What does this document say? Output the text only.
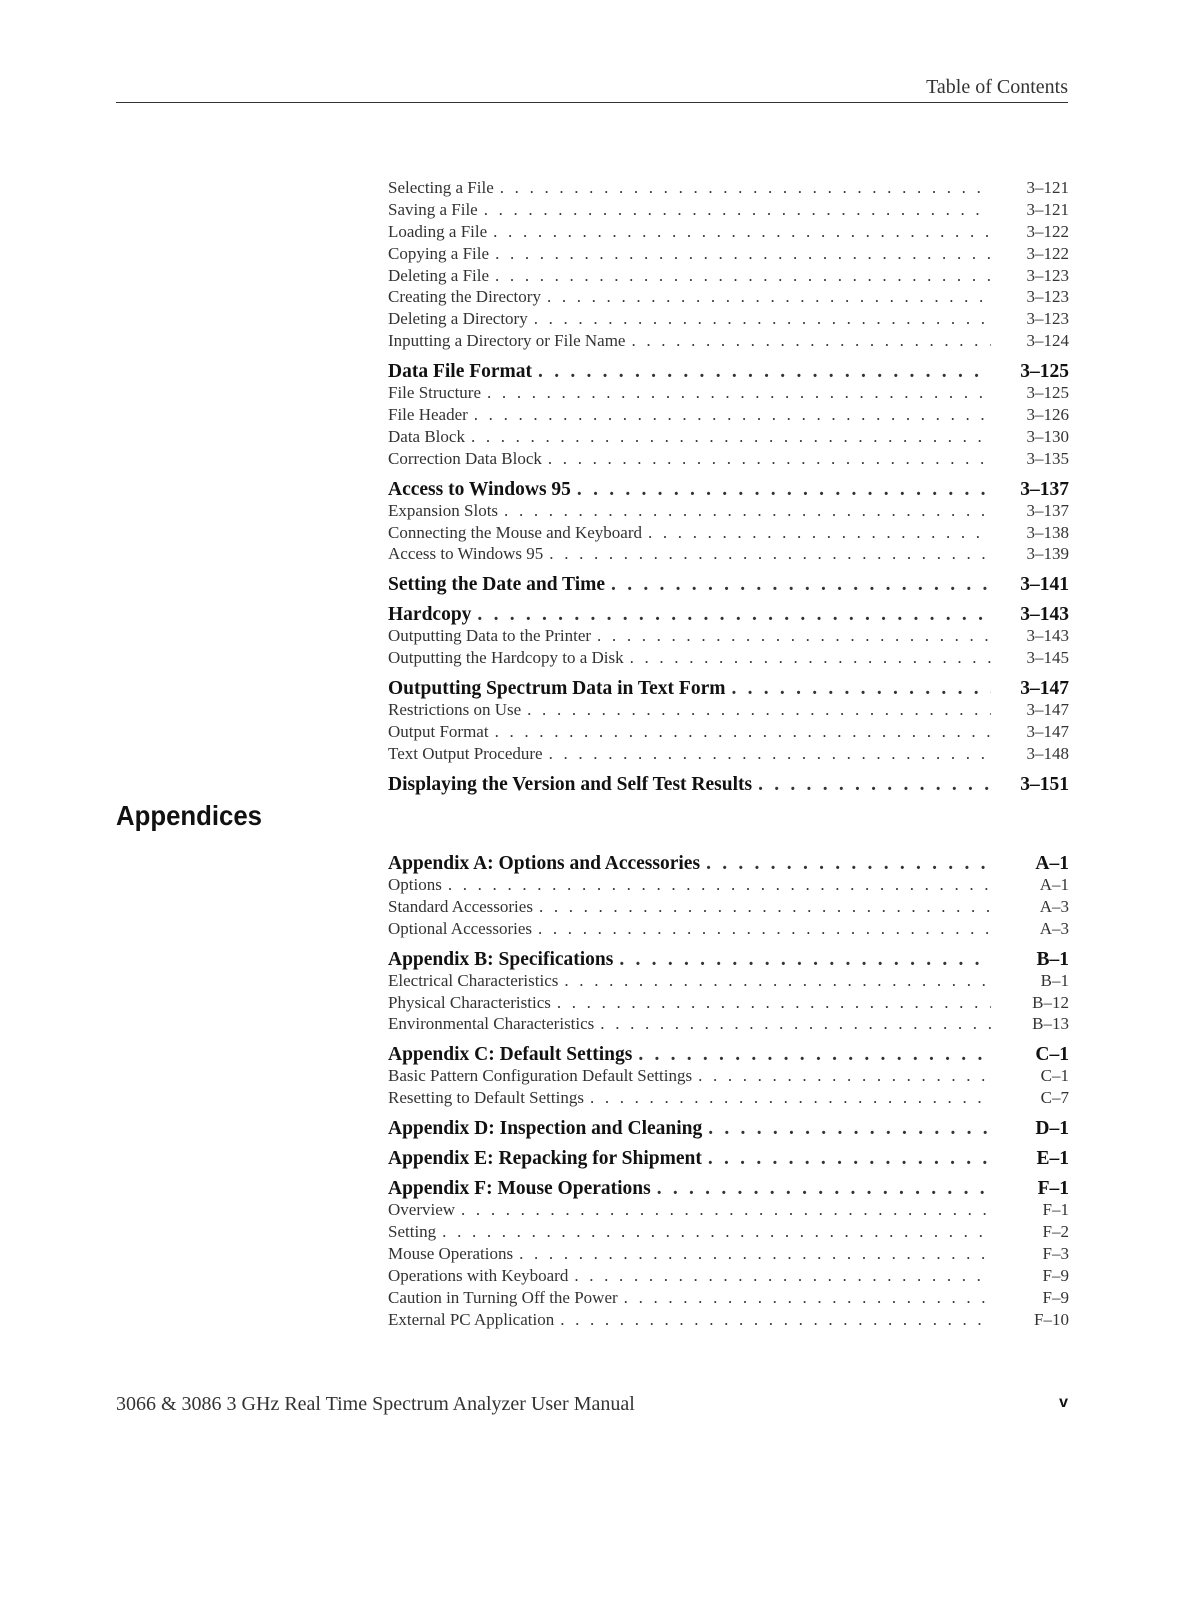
Table of Contents
Selecting a File . . .	3–121
Saving a File . . .	3–121
Loading a File . . .	3–122
Copying a File . . .	3–122
Deleting a File . . .	3–123
Creating the Directory . . .	3–123
Deleting a Directory . . .	3–123
Inputting a Directory or File Name . . .	3–124
Data File Format . . .	3–125
File Structure . . .	3–125
File Header . . .	3–126
Data Block . . .	3–130
Correction Data Block . . .	3–135
Access to Windows 95 . . .	3–137
Expansion Slots . . .	3–137
Connecting the Mouse and Keyboard . . .	3–138
Access to Windows 95 . . .	3–139
Setting the Date and Time . . .	3–141
Hardcopy . . .	3–143
Outputting Data to the Printer . . .	3–143
Outputting the Hardcopy to a Disk . . .	3–145
Outputting Spectrum Data in Text Form . . .	3–147
Restrictions on Use . . .	3–147
Output Format . . .	3–147
Text Output Procedure . . .	3–148
Displaying the Version and Self Test Results . . .	3–151
Appendices
Appendix A: Options and Accessories . . .	A–1
Options . . .	A–1
Standard Accessories . . .	A–3
Optional Accessories . . .	A–3
Appendix B: Specifications . . .	B–1
Electrical Characteristics . . .	B–1
Physical Characteristics . . .	B–12
Environmental Characteristics . . .	B–13
Appendix C: Default Settings . . .	C–1
Basic Pattern Configuration Default Settings . . .	C–1
Resetting to Default Settings . . .	C–7
Appendix D: Inspection and Cleaning . . .	D–1
Appendix E: Repacking for Shipment . . .	E–1
Appendix F: Mouse Operations . . .	F–1
Overview . . .	F–1
Setting . . .	F–2
Mouse Operations . . .	F–3
Operations with Keyboard . . .	F–9
Caution in Turning Off the Power . . .	F–9
External PC Application . . .	F–10
3066 & 3086 3 GHz Real Time Spectrum Analyzer User Manual	v
